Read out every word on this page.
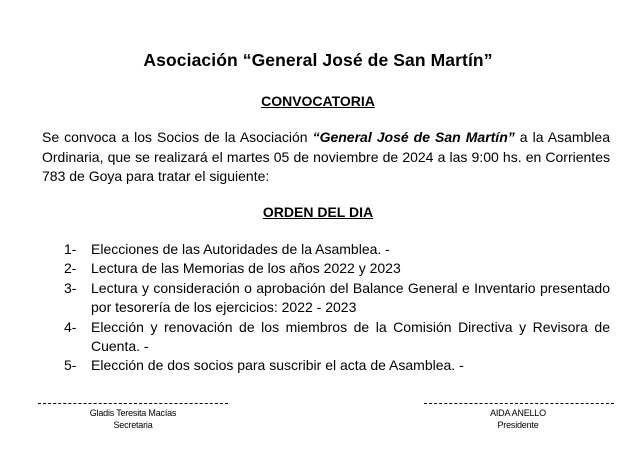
Asociación “General José de San Martín”
CONVOCATORIA
Se convoca a los Socios de la Asociación “General José de San Martín” a la Asamblea Ordinaria, que se realizará el martes 05 de noviembre de 2024 a las 9:00 hs. en Corrientes 783 de Goya para tratar el siguiente:
ORDEN DEL DIA
1-	Elecciones de las Autoridades de la Asamblea. -
2-	Lectura de las Memorias de los años 2022 y 2023
3-	Lectura y consideración o aprobación del Balance General e Inventario presentado por tesorería de los ejercicios: 2022 - 2023
4-	Elección y renovación de los miembros de la Comisión Directiva y Revisora de Cuenta. -
5-	Elección de dos socios para suscribir el acta de Asamblea. -
Gladis Teresita Macías
Secretaria
AIDA ANELLO
Presidente
